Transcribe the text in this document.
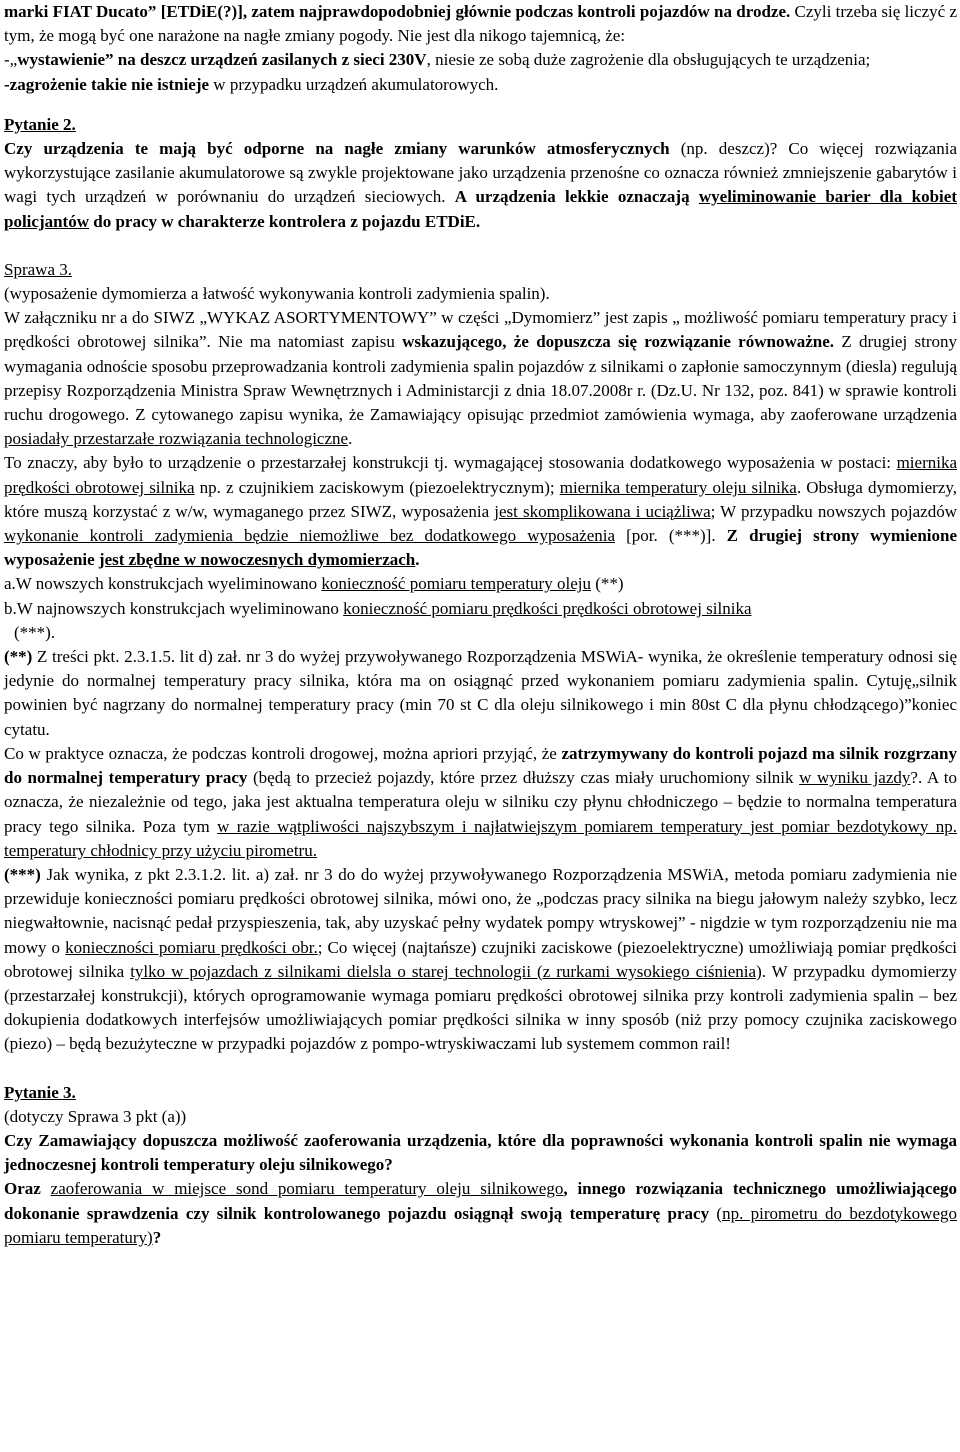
marki FIAT Ducato” [ETDiE(?)], zatem najprawdopodobniej głównie podczas kontroli pojazdów na drodze. Czyli trzeba się liczyć z tym, że mogą być one narażone na nagłe zmiany pogody. Nie jest dla nikogo tajemnicą, że:

-„wystawienie” na deszcz urządzeń zasilanych z sieci 230V, niesie ze sobą duże zagrożenie dla obsługujących te urządzenia;

-zagrożenie takie nie istnieje w przypadku urządzeń akumulatorowych.

Pytanie 2.

Czy urządzenia te mają być odporne na nagłe zmiany warunków atmosferycznych (np. deszcz)? Co więcej rozwiązania wykorzystujące zasilanie akumulatorowe są zwykle projektowane jako urządzenia przenośne co oznacza również zmniejszenie gabarytów i wagi tych urządzeń w porównaniu do urządzeń sieciowych. A urządzenia lekkie oznaczają wyeliminowanie barier dla kobiet policjantów do pracy w charakterze kontrolera z pojazdu ETDiE.

Sprawa 3.

(wyposażenie dymomierza a łatwość wykonywania kontroli zadymienia spalin).

W załączniku nr a do SIWZ „WYKAZ ASORTYMENTOWY” w części „Dymomierz” jest zapis „ możliwość pomiaru temperatury pracy i prędkości obrotowej silnika”. Nie ma natomiast zapisu wskazującego, że dopuszcza się rozwiązanie równoważne. Z drugiej strony wymagania odnoście sposobu przeprowadzania kontroli zadymienia spalin pojazdów z silnikami o zapłonie samoczynnym (diesla) regulują przepisy Rozporządzenia Ministra Spraw Wewnętrznych i Administarcji z dnia 18.07.2008r r. (Dz.U. Nr 132, poz. 841) w sprawie kontroli ruchu drogowego. Z cytowanego zapisu wynika, że Zamawiający opisując przedmiot zamówienia wymaga, aby zaoferowane urządzenia posiadały przestarzałe rozwiązania technologiczne.

To znaczy, aby było to urządzenie o przestarzałej konstrukcji tj. wymagającej stosowania dodatkowego wyposażenia w postaci: miernika prędkości obrotowej silnika np. z czujnikiem zaciskowym (piezoelektrycznym); miernika temperatury oleju silnika. Obsługa dymomierzy, które muszą korzystać z w/w, wymaganego przez SIWZ, wyposażenia jest skomplikowana i uciążliwa; W przypadku nowszych pojazdów wykonanie kontroli zadymienia będzie niemożliwe bez dodatkowego wyposażenia [por. (***)]. Z drugiej strony wymienione wyposażenie jest zbędne w nowoczesnych dymomierzach.

a.W nowszych konstrukcjach wyeliminowano konieczność pomiaru temperatury oleju (**)

b.W najnowszych konstrukcjach wyeliminowano konieczność pomiaru prędkości prędkości obrotowej silnika
(***).

(**) Z treści pkt. 2.3.1.5. lit d) zał. nr 3 do wyżej przywoływanego Rozporządzenia MSWiA- wynika, że określenie temperatury odnosi się jedynie do normalnej temperatury pracy silnika, która ma on osiągnąć przed wykonaniem pomiaru zadymienia spalin. Cytuję„silnik powinien być nagrzany do normalnej temperatury pracy (min 70 st C dla oleju silnikowego i min 80st C dla płynu chłodzącego)”koniec cytatu.

Co w praktyce oznacza, że podczas kontroli drogowej, można apriori przyjąć, że zatrzymywany do kontroli pojazd ma silnik rozgrzany do normalnej temperatury pracy (będą to przecież pojazdy, które przez dłuższy czas miały uruchomiony silnik w wyniku jazdy?. A to oznacza, że niezależnie od tego, jaka jest aktualna temperatura oleju w silniku czy płynu chłodniczego – będzie to normalna temperatura pracy tego silnika. Poza tym w razie wątpliwości najszybszym i najłatwiejszym pomiarem temperatury jest pomiar bezdotykowy np. temperatury chłodnicy przy użyciu pirometru.

(***) Jak wynika, z pkt 2.3.1.2. lit. a) zał. nr 3 do do wyżej przywoływanego Rozporządzenia MSWiA, metoda pomiaru zadymienia nie przewiduje konieczności pomiaru prędkości obrotowej silnika, mówi ono, że „podczas pracy silnika na biegu jałowym należy szybko, lecz niegwałtownie, nacisnąć pedał przyspieszenia, tak, aby uzyskać pełny wydatek pompy wtryskowej” - nigdzie w tym rozporządzeniu nie ma mowy o konieczności pomiaru prędkości obr.; Co więcej (najtańsze) czujniki zaciskowe (piezoelektryczne) umożliwiają pomiar prędkości obrotowej silnika tylko w pojazdach z silnikami dielsla o starej technologii (z rurkami wysokiego ciśnienia). W przypadku dymomierzy (przestarzałej konstrukcji), których oprogramowanie wymaga pomiaru prędkości obrotowej silnika przy kontroli zadymienia spalin – bez dokupienia dodatkowych interfejsów umożliwiających pomiar prędkości silnika w inny sposób (niż przy pomocy czujnika zaciskowego (piezo) – będą bezużyteczne w przypadki pojazdów z pompo-wtryskiwaczami lub systemem common rail!

Pytanie 3.

(dotyczy Sprawa 3 pkt (a))

Czy Zamawiający dopuszcza możliwość zaoferowania urządzenia, które dla poprawności wykonania kontroli spalin nie wymaga jednoczesnej kontroli temperatury oleju silnikowego?

Oraz zaoferowania w miejsce sond pomiaru temperatury oleju silnikowego, innego rozwiązania technicznego umożliwiającego dokonanie sprawdzenia czy silnik kontrolowanego pojazdu osiągnął swoją temperaturę pracy (np. pirometru do bezdotykowego pomiaru temperatury)?
